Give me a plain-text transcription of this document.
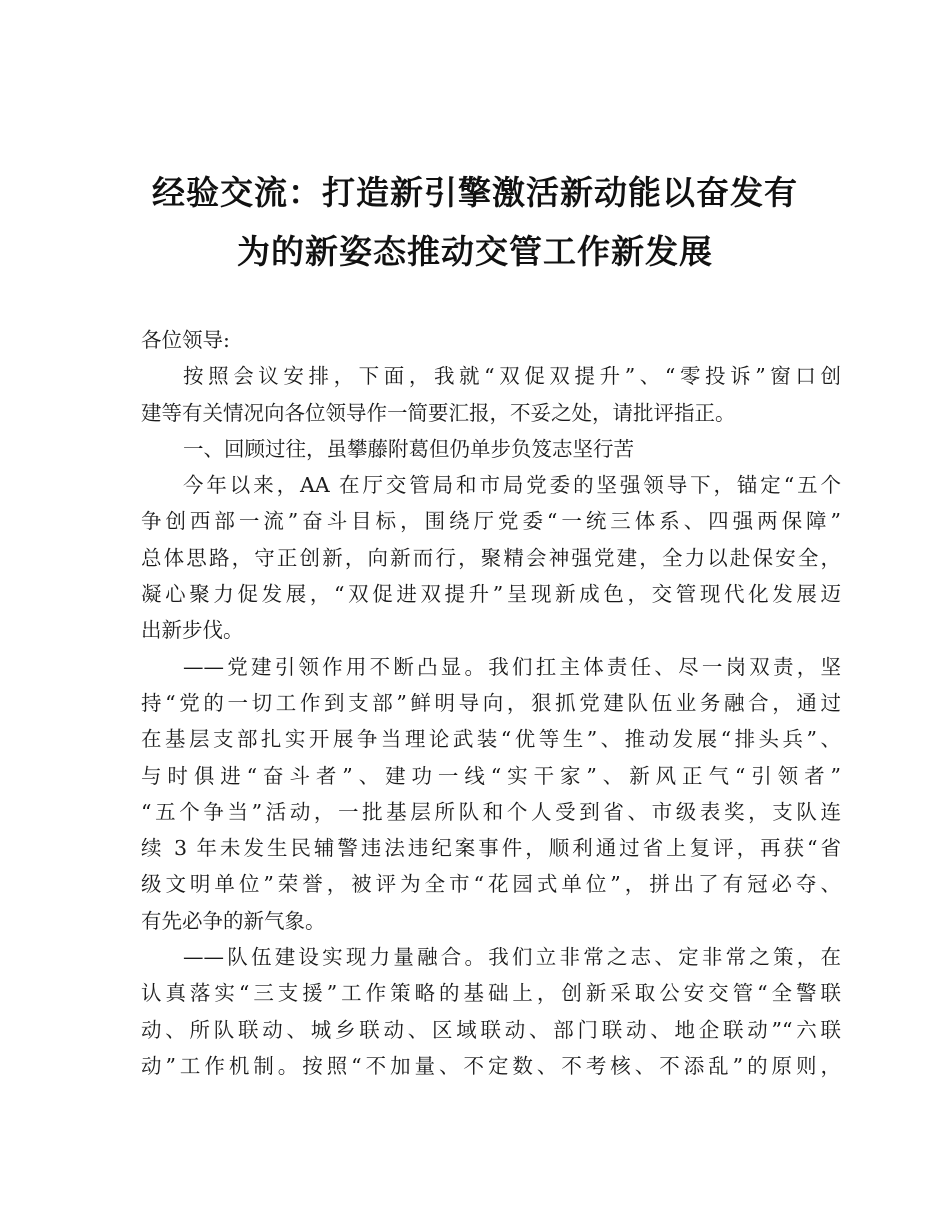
经验交流：打造新引擎激活新动能以奋发有
为的新姿态推动交管工作新发展
各位领导:
按照会议安排，下面，我就“双促双提升”、“零投诉”窗口创
建等有关情况向各位领导作一简要汇报，不妥之处，请批评指正。
一、回顾过往，虽攀藤附葛但仍单步负笈志坚行苦
今年以来，AA 在厅交管局和市局党委的坚强领导下，锚定“五个
争创西部一流”奋斗目标，围绕厅党委“一统三体系、四强两保障”
总体思路，守正创新，向新而行，聚精会神强党建，全力以赴保安全，
凝心聚力促发展，“双促进双提升”呈现新成色，交管现代化发展迈
出新步伐。
——党建引领作用不断凸显。我们扛主体责任、尽一岗双责，坚
持“党的一切工作到支部”鲜明导向，狠抓党建队伍业务融合，通过
在基层支部扎实开展争当理论武装“优等生”、推动发展“排头兵”、
与时俱进“奋斗者”、建功一线“实干家”、新风正气“引领者”
“五个争当”活动，一批基层所队和个人受到省、市级表奖，支队连
续 3 年未发生民辅警违法违纪案事件，顺利通过省上复评，再获“省
级文明单位”荣誉，被评为全市“花园式单位”，拼出了有冠必夺、
有先必争的新气象。
——队伍建设实现力量融合。我们立非常之志、定非常之策，在
认真落实“三支援”工作策略的基础上，创新采取公安交管“全警联
动、所队联动、城乡联动、区域联动、部门联动、地企联动”“六联
动”工作机制。按照“不加量、不定数、不考核、不添乱”的原则，
